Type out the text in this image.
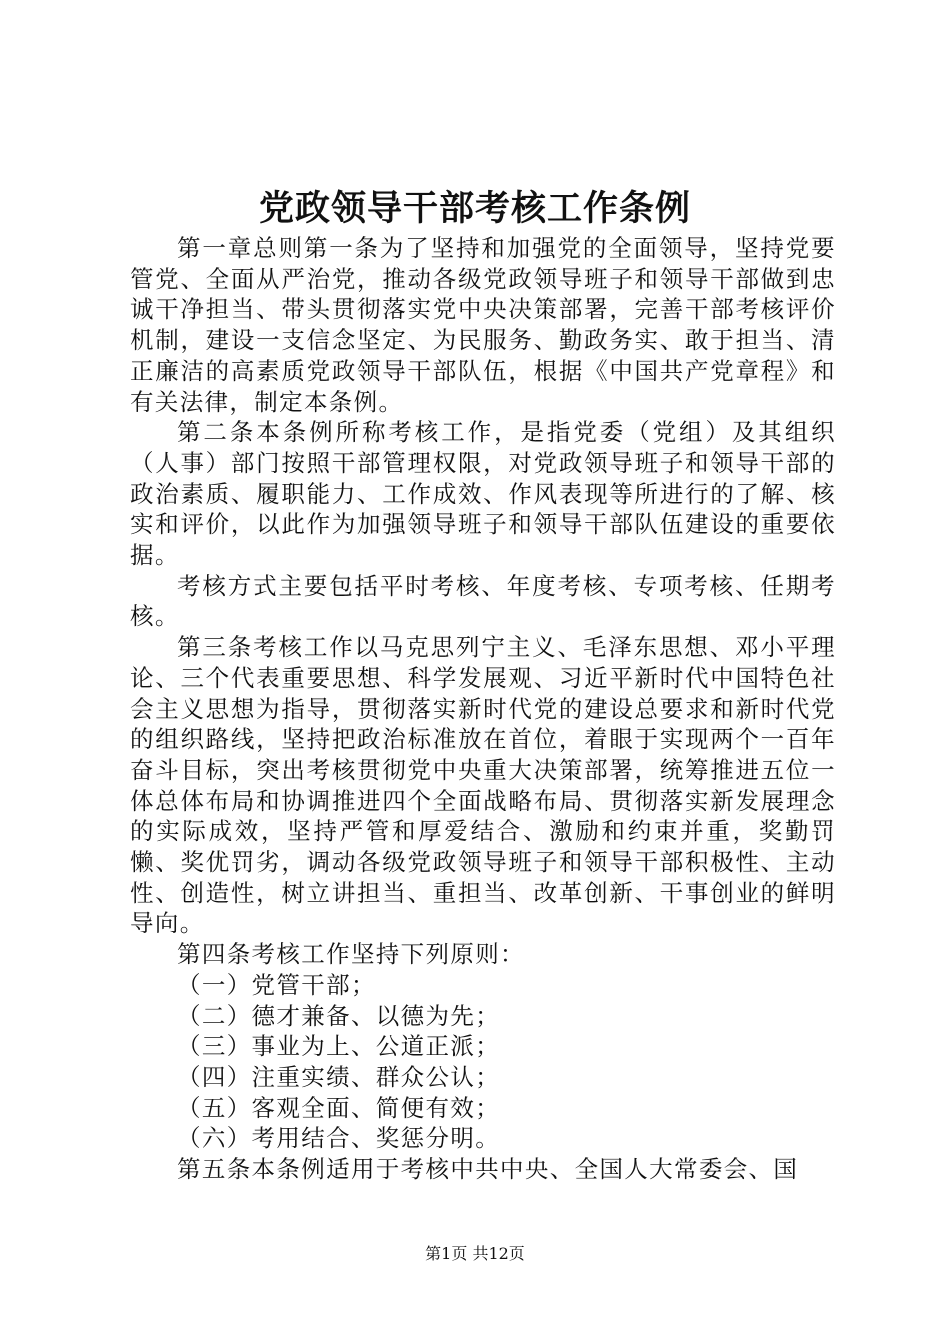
党政领导干部考核工作条例

第一章总则第一条为了坚持和加强党的全面领导，坚持党要管党、全面从严治党，推动各级党政领导班子和领导干部做到忠诚干净担当、带头贯彻落实党中央决策部署，完善干部考核评价机制，建设一支信念坚定、为民服务、勤政务实、敢于担当、清正廉洁的高素质党政领导干部队伍，根据《中国共产党章程》和有关法律，制定本条例。

第二条本条例所称考核工作，是指党委（党组）及其组织（人事）部门按照干部管理权限，对党政领导班子和领导干部的政治素质、履职能力、工作成效、作风表现等所进行的了解、核实和评价，以此作为加强领导班子和领导干部队伍建设的重要依据。

考核方式主要包括平时考核、年度考核、专项考核、任期考核。

第三条考核工作以马克思列宁主义、毛泽东思想、邓小平理论、三个代表重要思想、科学发展观、习近平新时代中国特色社会主义思想为指导，贯彻落实新时代党的建设总要求和新时代党的组织路线，坚持把政治标准放在首位，着眼于实现两个一百年奋斗目标，突出考核贯彻党中央重大决策部署，统筹推进五位一体总体布局和协调推进四个全面战略布局、贯彻落实新发展理念的实际成效，坚持严管和厚爱结合、激励和约束并重，奖勤罚懒、奖优罚劣，调动各级党政领导班子和领导干部积极性、主动性、创造性，树立讲担当、重担当、改革创新、干事创业的鲜明导向。

第四条考核工作坚持下列原则：

（一）党管干部；

（二）德才兼备、以德为先；

（三）事业为上、公道正派；

（四）注重实绩、群众公认；

（五）客观全面、简便有效；

（六）考用结合、奖惩分明。

第五条本条例适用于考核中共中央、全国人大常委会、国

第1页 共12页
